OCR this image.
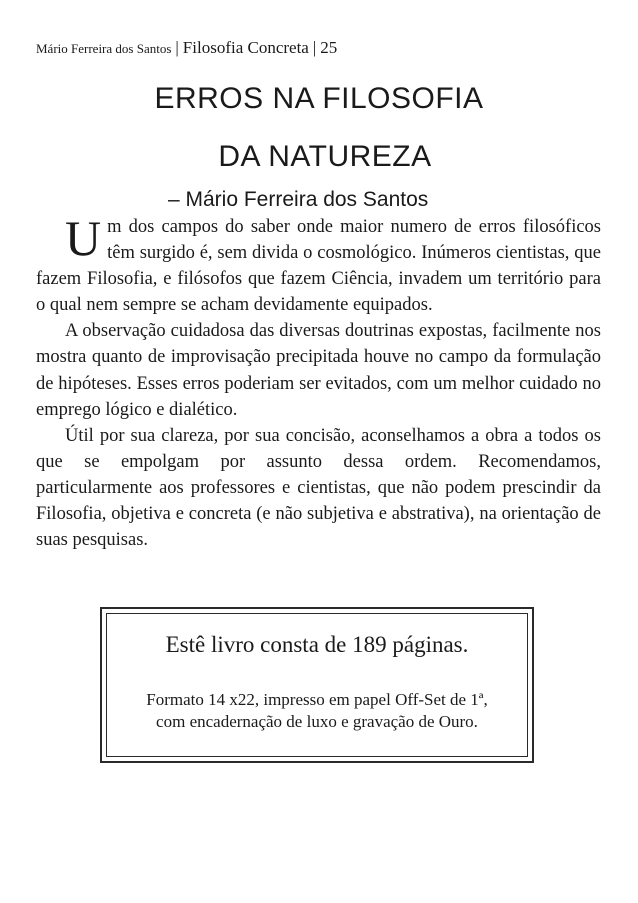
Mário Ferreira dos Santos | Filosofia Concreta | 25
ERROS NA FILOSOFIA
DA NATUREZA
– Mário Ferreira dos Santos

Um dos campos do saber onde maior numero de erros filosóficos têm surgido é, sem divida o cosmológico. Inúmeros cientistas, que fazem Filosofia, e filósofos que fazem Ciência, invadem um território para o qual nem sempre se acham devidamente equipados.

A observação cuidadosa das diversas doutrinas expostas, facilmente nos mostra quanto de improvisação precipitada houve no campo da formulação de hipóteses. Esses erros poderiam ser evitados, com um melhor cuidado no emprego lógico e dialético.

Útil por sua clareza, por sua concisão, aconselhamos a obra a todos os que se empolgam por assunto dessa ordem. Recomendamos, particularmente aos professores e cientistas, que não podem prescindir da Filosofia, objetiva e concreta (e não subjetiva e abstrativa), na orientação de suas pesquisas.

Estê livro consta de 189 páginas.
Formato 14 x22, impresso em papel Off-Set de 1ª,
com encadernação de luxo e gravação de Ouro.
